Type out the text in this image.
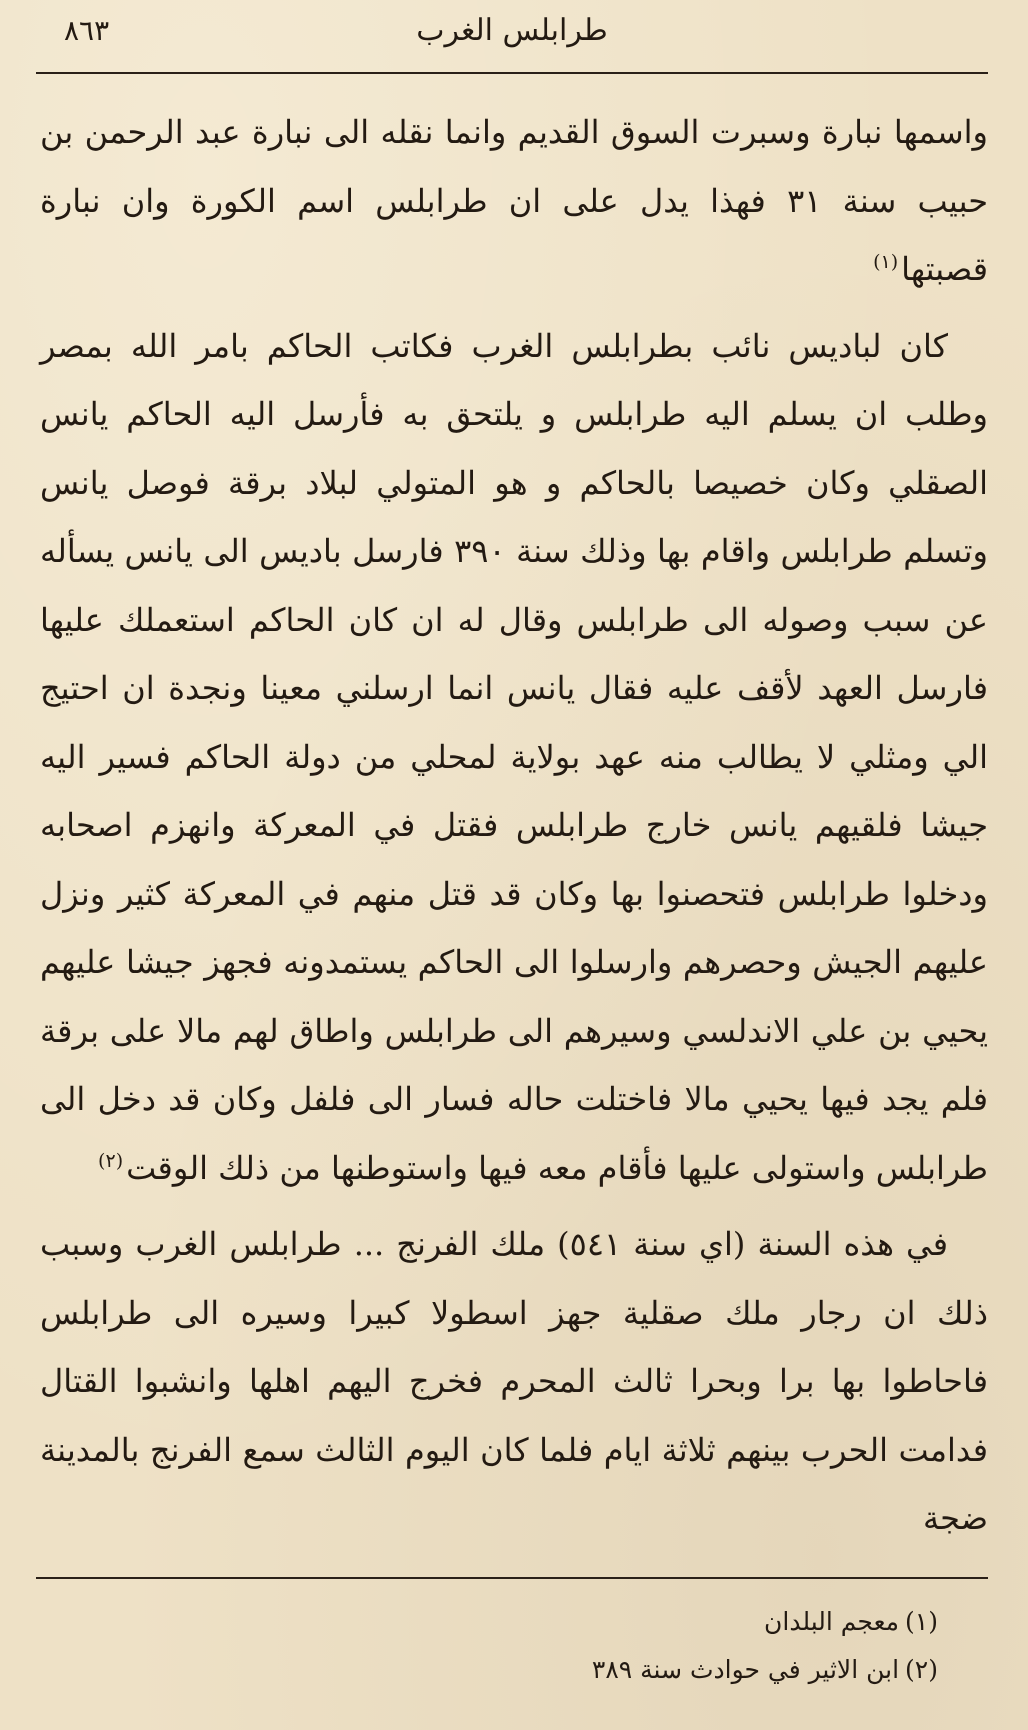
طرابلس الغرب
٨٦٣

واسمها نبارة وسبرت السوق القديم وانما نقله الى نبارة عبد الرحمن بن حبيب سنة ٣١ فهذا يدل على ان طرابلس اسم الكورة وان نبارة قصبتها$^{(١)}$

كان لباديس نائب بطرابلس الغرب فكاتب الحاكم بامر الله بمصر وطلب ان يسلم اليه طرابلس و يلتحق به فأرسل اليه الحاكم يانس الصقلي وكان خصيصا بالحاكم و هو المتولي لبلاد برقة فوصل يانس وتسلم طرابلس واقام بها وذلك سنة ٣٩٠ فارسل باديس الى يانس يسأله عن سبب وصوله الى طرابلس وقال له ان كان الحاكم استعملك عليها فارسل العهد لأقف عليه فقال يانس انما ارسلني معينا ونجدة ان احتيج الي ومثلي لا يطالب منه عهد بولاية لمحلي من دولة الحاكم فسير اليه جيشا فلقيهم يانس خارج طرابلس فقتل في المعركة وانهزم اصحابه ودخلوا طرابلس فتحصنوا بها وكان قد قتل منهم في المعركة كثير ونزل عليهم الجيش وحصرهم وارسلوا الى الحاكم يستمدونه فجهز جيشا عليهم يحيي بن علي الاندلسي وسيرهم الى طرابلس واطاق لهم مالا على برقة فلم يجد فيها يحيي مالا فاختلت حاله فسار الى فلفل وكان قد دخل الى طرابلس واستولى عليها فأقام معه فيها واستوطنها من ذلك الوقت$^{(٢)}$

في هذه السنة (اي سنة ٥٤١) ملك الفرنج ... طرابلس الغرب وسبب ذلك ان رجار ملك صقلية جهز اسطولا كبيرا وسيره الى طرابلس فاحاطوا بها برا وبحرا ثالث المحرم فخرج اليهم اهلها وانشبوا القتال فدامت الحرب بينهم ثلاثة ايام فلما كان اليوم الثالث سمع الفرنج بالمدينة ضجة

(١)معجم البلدان

(٢)ابن الاثير في حوادث سنة ٣٨٩
